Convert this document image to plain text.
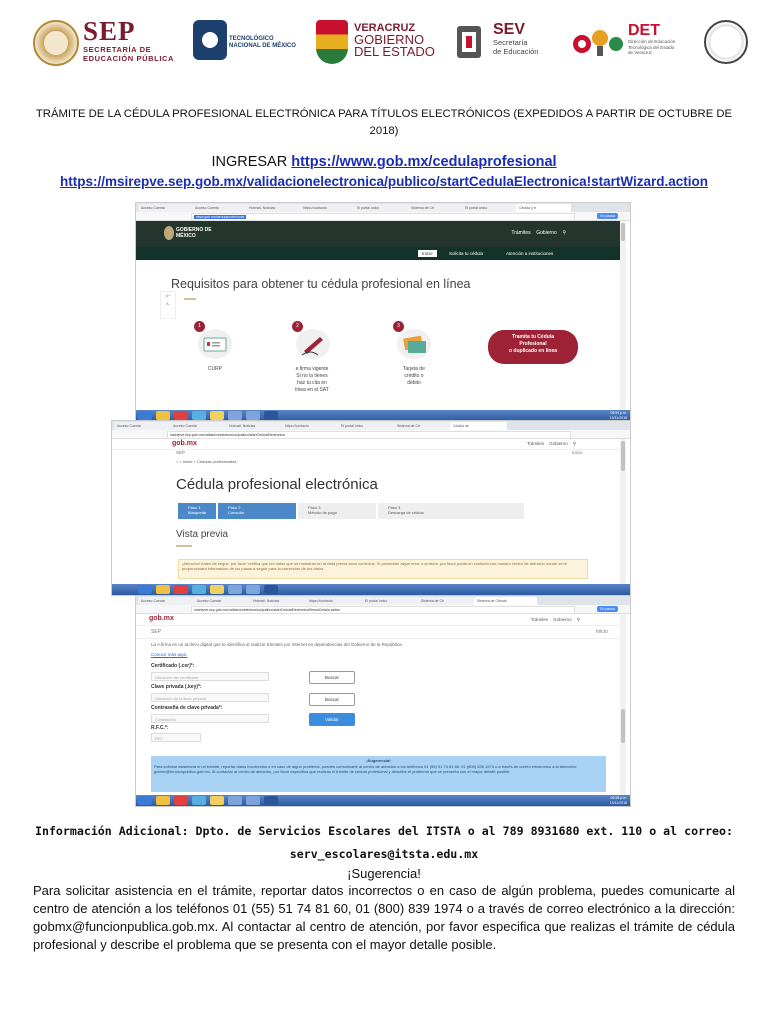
SEP
SECRETARÍA DE
EDUCACIÓN PÚBLICA
TECNOLÓGICO
NACIONAL DE MÉXICO
VERACRUZ
GOBIERNO
DEL ESTADO
SEV
Secretaría
de Educación
DET
Dirección de Educación
Tecnológica del Estado
de Veracruz
TRÁMITE DE LA CÉDULA PROFESIONAL ELECTRÓNICA PARA TÍTULOS ELECTRÓNICOS (EXPEDIDOS A PARTIR DE OCTUBRE DE 2018)
INGRESAR https://www.gob.mx/cedulaprofesional
https://msirepve.sep.gob.mx/validacionelectronica/publico/startCedulaElectronica!startWizard.action
Acceso Cuenta	Acceso Cuenta	Hotmail, Noticias	https://contacto	El portal único	Sistema de Cé	El portal único	Cédula y tr
www.gob.mx/cedulaprofesional	En pausa
GOBIERNO DE
MÉXICO	Trámites Gobierno ⚲
Inicio	Solicita tu cédula	Atención a instituciones
A+
A-
Requisitos para obtener tu cédula profesional en línea
1
CURP
2
e.firma vigente
Si no la tienes
haz tu cita en
línea en el SAT
3
Tarjeta de
crédito o
débito
Tramita tu Cédula
Profesional
o duplicado en línea
05:54 p.m.
13/11/2018
Acceso Cuenta	Acceso Cuenta	Hotmail, Noticias	https://contacto	El portal único	Sistema de Cé	Cédula de
msirepve.sep.gob.mx/validacionelectronica/publico/startCedulaElectronica
gob.mx	Trámites Gobierno ⚲
SEP	Inicio
⌂ > Inicio > Cédulas profesionales
Cédula profesional electrónica
Paso 1
Búsqueda
Paso 2
Consulta
Paso 3
Método de pago
Paso 4
Descarga de cédula
Vista previa
¡Atención! Antes de seguir, por favor verifica que los datos que se muestran en la vista previa sean correctos. Si presentan algún error u omisión, por favor ponte en contacto con nuestro centro de atención donde se te proporcionará información de los pasos a seguir para la corrección de tus datos.
Acceso Cuenta	Acceso Cuenta	Hotmail, Noticias	https://contacto	El portal único	Sistema de Cé	Sistema de Cédula
msirepve.sep.gob.mx/validacionelectronica/publico/startCedulaElectronica!firmarCedula.action	En pausa
gob.mx	Trámites Gobierno ⚲
SEP	Inicio
La e.firma es un archivo digital que te identifica al realizar trámites por internet en dependencias del Gobierno de la República.
Conoce más aquí.
Certificado (.cer)*:
Ubicación del certificado	Buscar
Clave privada (.key)*:
Ubicación de la llave privada	Buscar
Contraseña de clave privada*:
Contraseña	Validar
R.F.C.*:
RFC
¡Sugerencia!
Para solicitar asistencia en el trámite, reportar datos incorrectos o en caso de algún problema, puedes comunicarte al centro de atención a los teléfonos 01 (55) 51 74 81 60, 01 (800) 839 1974 o a través de correo electrónico a la dirección: gobmx@funcionpublica.gob.mx. Al contactar al centro de atención, por favor especifica que realizas el trámite de cédula profesional y describe el problema que se presenta con el mayor detalle posible.
05:58 p.m.
13/11/2018
Información Adicional: Dpto. de Servicios Escolares del ITSTA o al 789 8931680 ext. 110 o al correo: serv_escolares@itsta.edu.mx
¡Sugerencia!
Para solicitar asistencia en el trámite, reportar datos incorrectos o en caso de algún problema, puedes comunicarte al centro de atención a los teléfonos 01 (55) 51 74 81 60, 01 (800) 839 1974 o a través de correo electrónico a la dirección: gobmx@funcionpublica.gob.mx. Al contactar al centro de atención, por favor especifica que realizas el trámite de cédula profesional y describe el problema que se presenta con el mayor detalle posible.
